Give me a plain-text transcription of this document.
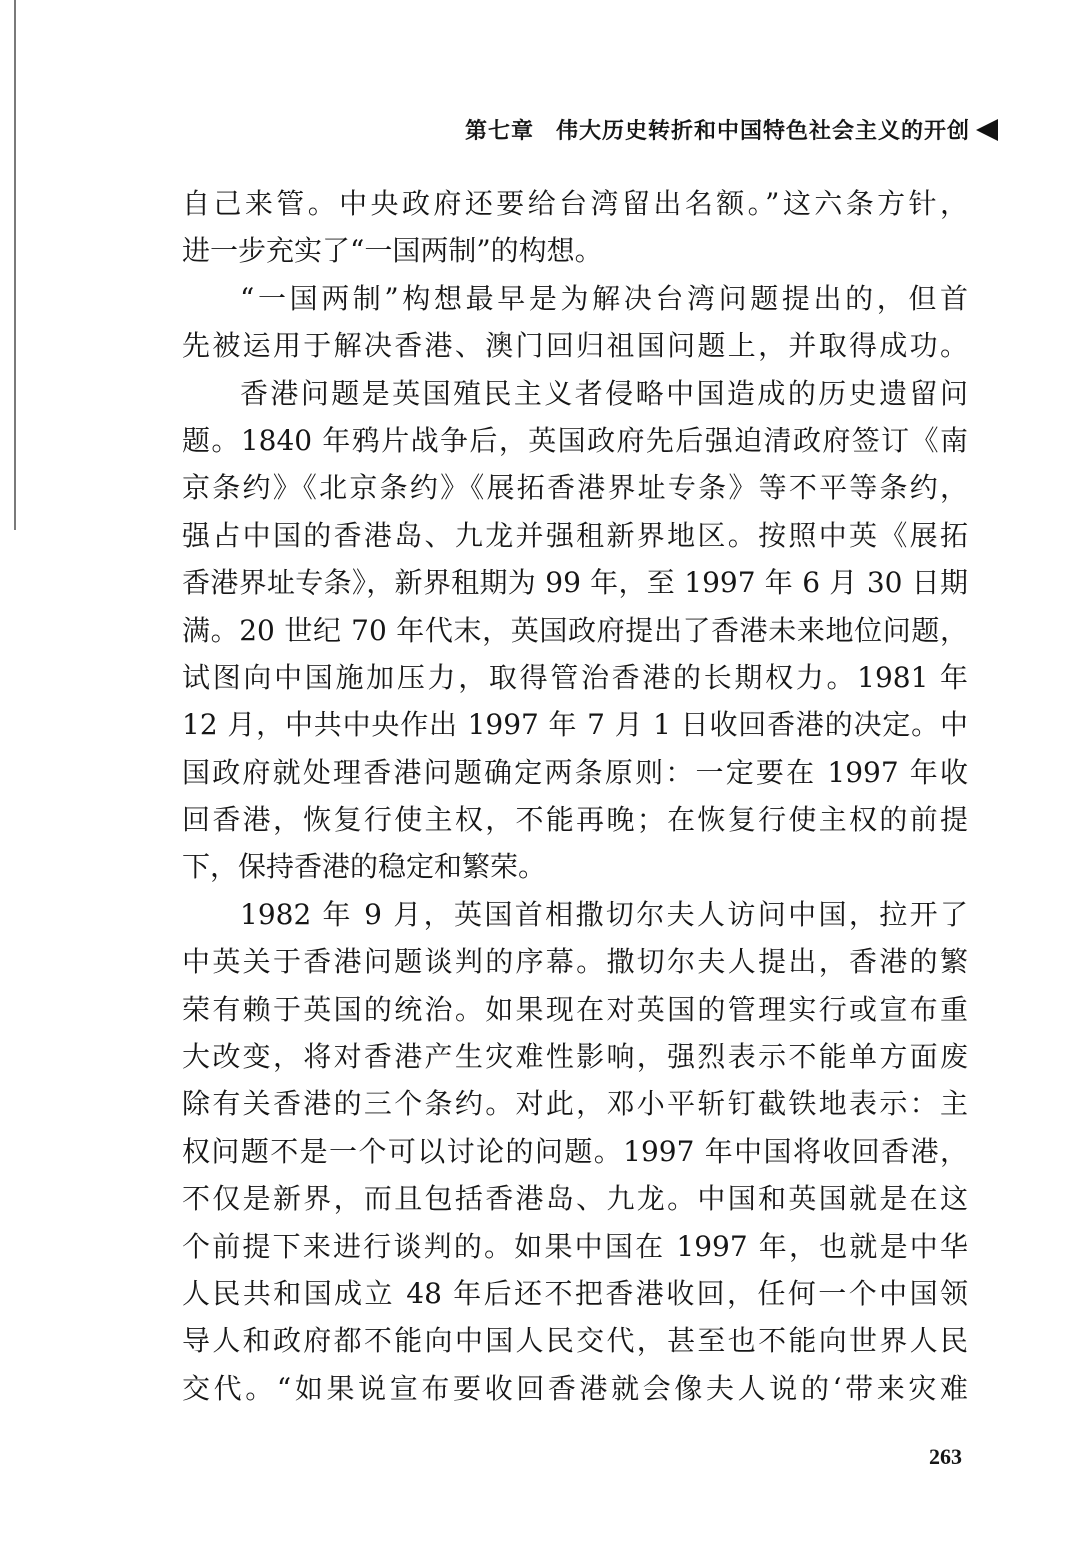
第七章 伟大历史转折和中国特色社会主义的开创
自己来管。中央政府还要给台湾留出名额。”这六条方针，
进一步充实了“一国两制”的构想。
“一国两制”构想最早是为解决台湾问题提出的，但首
先被运用于解决香港、澳门回归祖国问题上，并取得成功。
香港问题是英国殖民主义者侵略中国造成的历史遗留问
题。1840 年鸦片战争后，英国政府先后强迫清政府签订《南
京条约》《北京条约》《展拓香港界址专条》等不平等条约，
强占中国的香港岛、九龙并强租新界地区。按照中英《展拓
香港界址专条》，新界租期为 99 年，至 1997 年 6 月 30 日期
满。20 世纪 70 年代末，英国政府提出了香港未来地位问题，
试图向中国施加压力，取得管治香港的长期权力。1981 年
12 月，中共中央作出 1997 年 7 月 1 日收回香港的决定。中
国政府就处理香港问题确定两条原则：一定要在 1997 年收
回香港，恢复行使主权，不能再晚；在恢复行使主权的前提
下，保持香港的稳定和繁荣。
1982 年 9 月，英国首相撒切尔夫人访问中国，拉开了
中英关于香港问题谈判的序幕。撒切尔夫人提出，香港的繁
荣有赖于英国的统治。如果现在对英国的管理实行或宣布重
大改变，将对香港产生灾难性影响，强烈表示不能单方面废
除有关香港的三个条约。对此，邓小平斩钉截铁地表示：主
权问题不是一个可以讨论的问题。1997 年中国将收回香港，
不仅是新界，而且包括香港岛、九龙。中国和英国就是在这
个前提下来进行谈判的。如果中国在 1997 年，也就是中华
人民共和国成立 48 年后还不把香港收回，任何一个中国领
导人和政府都不能向中国人民交代，甚至也不能向世界人民
交代。“如果说宣布要收回香港就会像夫人说的‘带来灾难
263
